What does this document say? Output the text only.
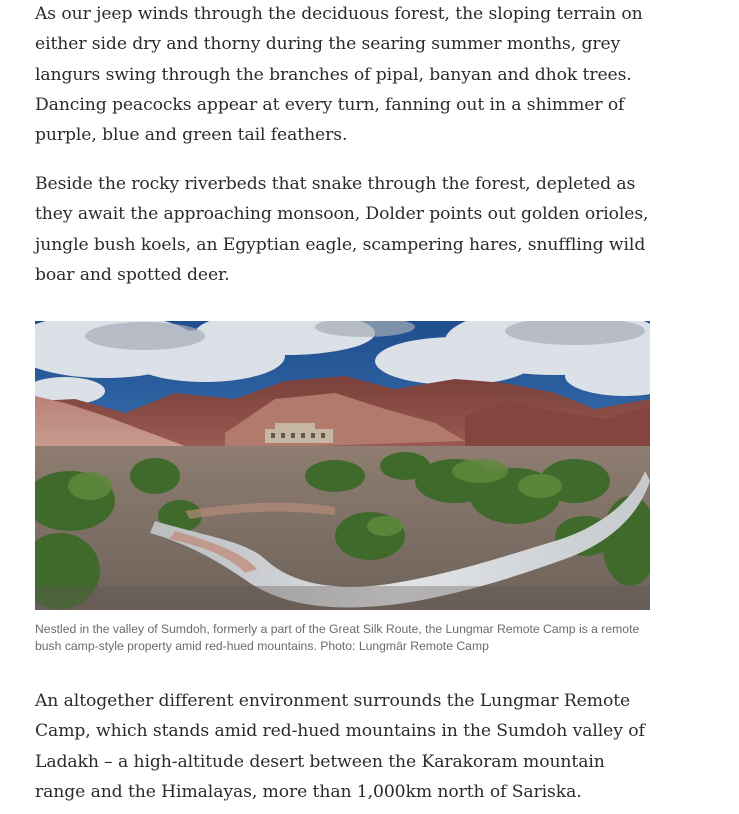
As our jeep winds through the deciduous forest, the sloping terrain on either side dry and thorny during the searing summer months, grey langurs swing through the branches of pipal, banyan and dhok trees. Dancing peacocks appear at every turn, fanning out in a shimmer of purple, blue and green tail feathers.

Beside the rocky riverbeds that snake through the forest, depleted as they await the approaching monsoon, Dolder points out golden orioles, jungle bush koels, an Egyptian eagle, scampering hares, snuffling wild boar and spotted deer.

Nestled in the valley of Sumdoh, formerly a part of the Great Silk Route, the Lungmar Remote Camp is a remote bush camp-style property amid red-hued mountains. Photo: Lungmār Remote Camp

An altogether different environment surrounds the Lungmar Remote Camp, which stands amid red-hued mountains in the Sumdoh valley of Ladakh – a high-altitude desert between the Karakoram mountain range and the Himalayas, more than 1,000km north of Sariska.
